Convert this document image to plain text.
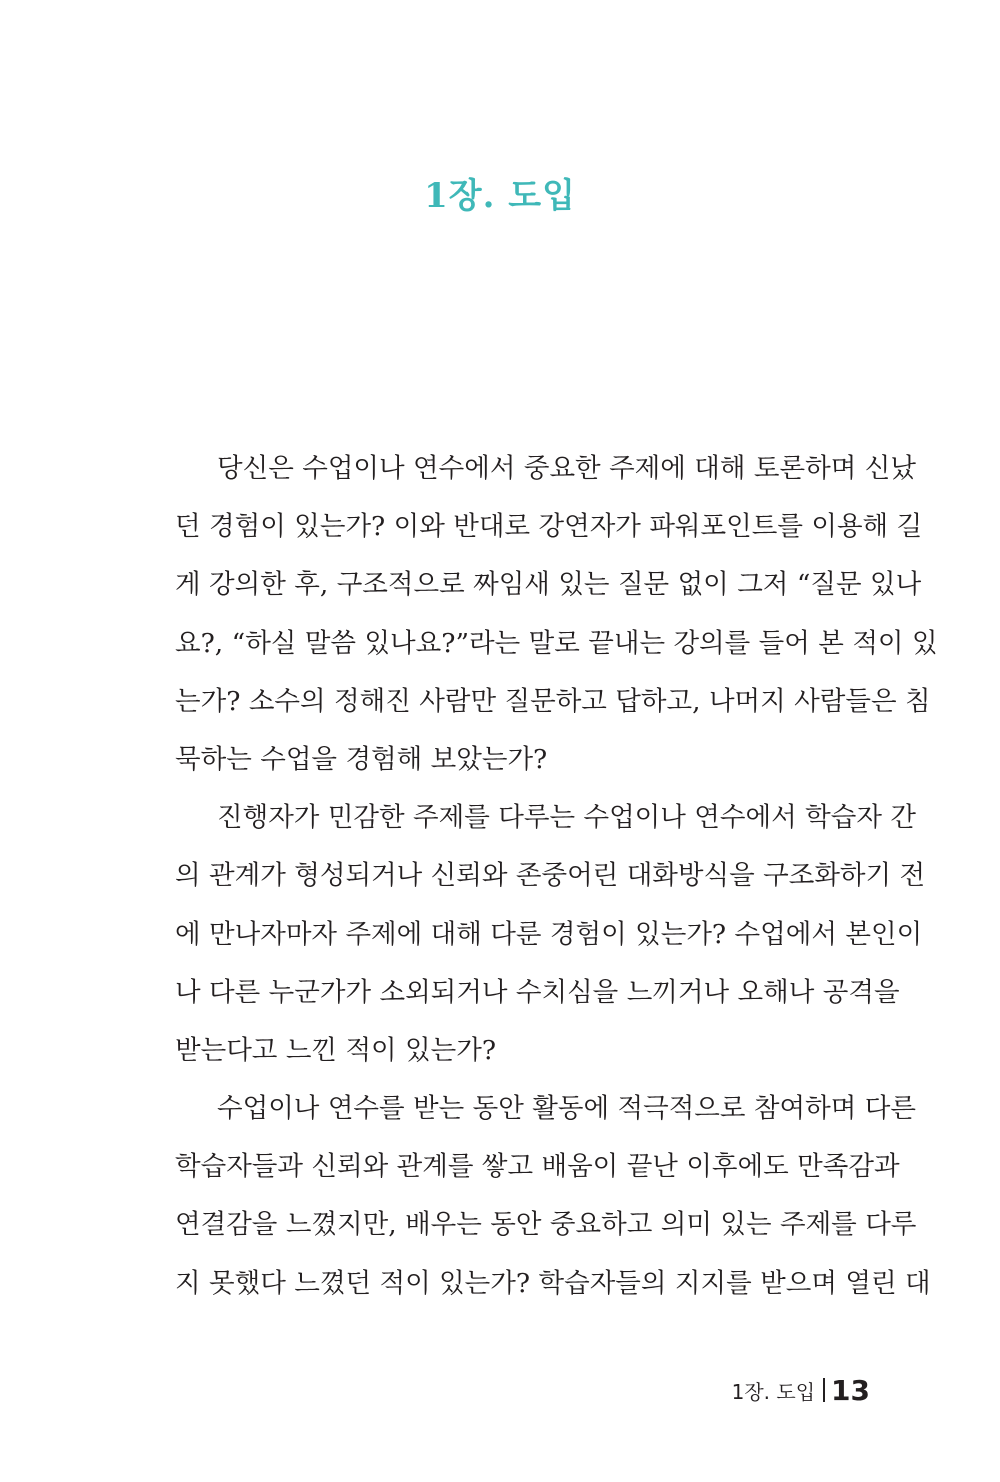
1장. 도입
당신은 수업이나 연수에서 중요한 주제에 대해 토론하며 신났
던 경험이 있는가? 이와 반대로 강연자가 파워포인트를 이용해 길
게 강의한 후, 구조적으로 짜임새 있는 질문 없이 그저 “질문 있나
요?, “하실 말씀 있나요?”라는 말로 끝내는 강의를 들어 본 적이 있
는가? 소수의 정해진 사람만 질문하고 답하고, 나머지 사람들은 침
묵하는 수업을 경험해 보았는가?
진행자가 민감한 주제를 다루는 수업이나 연수에서 학습자 간
의 관계가 형성되거나 신뢰와 존중어린 대화방식을 구조화하기 전
에 만나자마자 주제에 대해 다룬 경험이 있는가? 수업에서 본인이
나 다른 누군가가 소외되거나 수치심을 느끼거나 오해나 공격을
받는다고 느낀 적이 있는가?
수업이나 연수를 받는 동안 활동에 적극적으로 참여하며 다른
학습자들과 신뢰와 관계를 쌓고 배움이 끝난 이후에도 만족감과
연결감을 느꼈지만, 배우는 동안 중요하고 의미 있는 주제를 다루
지 못했다 느꼈던 적이 있는가? 학습자들의 지지를 받으며 열린 대
1장. 도입 13
